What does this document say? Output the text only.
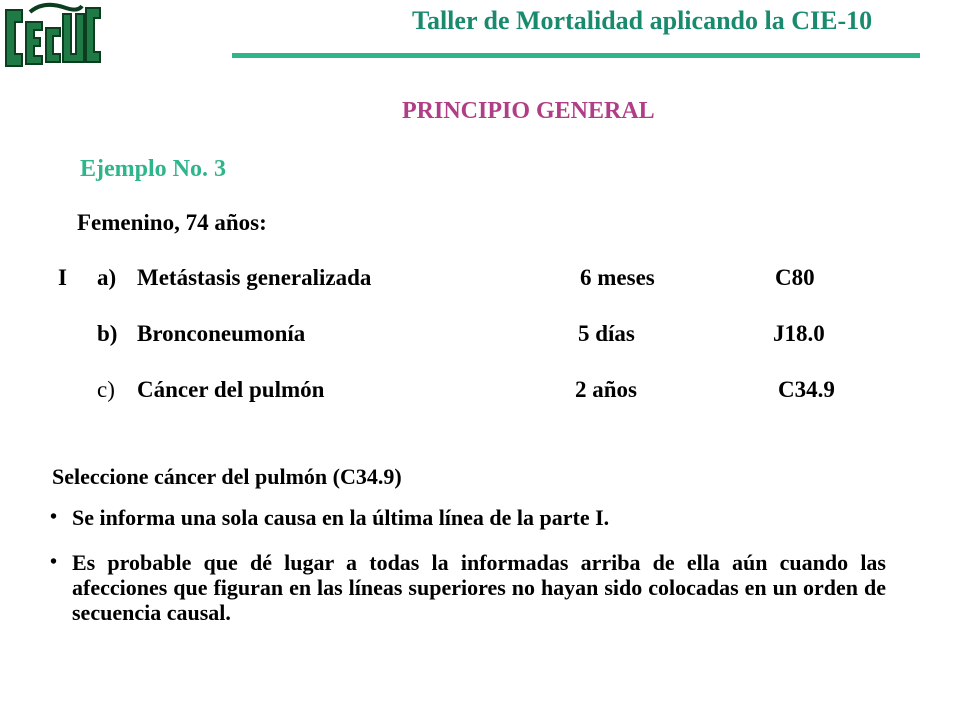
Taller de Mortalidad aplicando la CIE-10
PRINCIPIO GENERAL
Ejemplo No. 3
Femenino, 74 años:
I a) Metástasis generalizada	6 meses	C80
b) Bronconeumonía	5 días	J18.0
c) Cáncer del pulmón	2 años	C34.9
Seleccione cáncer del pulmón (C34.9)
• Se informa una sola causa en la última línea de la parte I.
• Es probable que dé lugar a todas la informadas arriba de ella aún cuando las afecciones que figuran en las líneas superiores no hayan sido colocadas en un orden de secuencia causal.
